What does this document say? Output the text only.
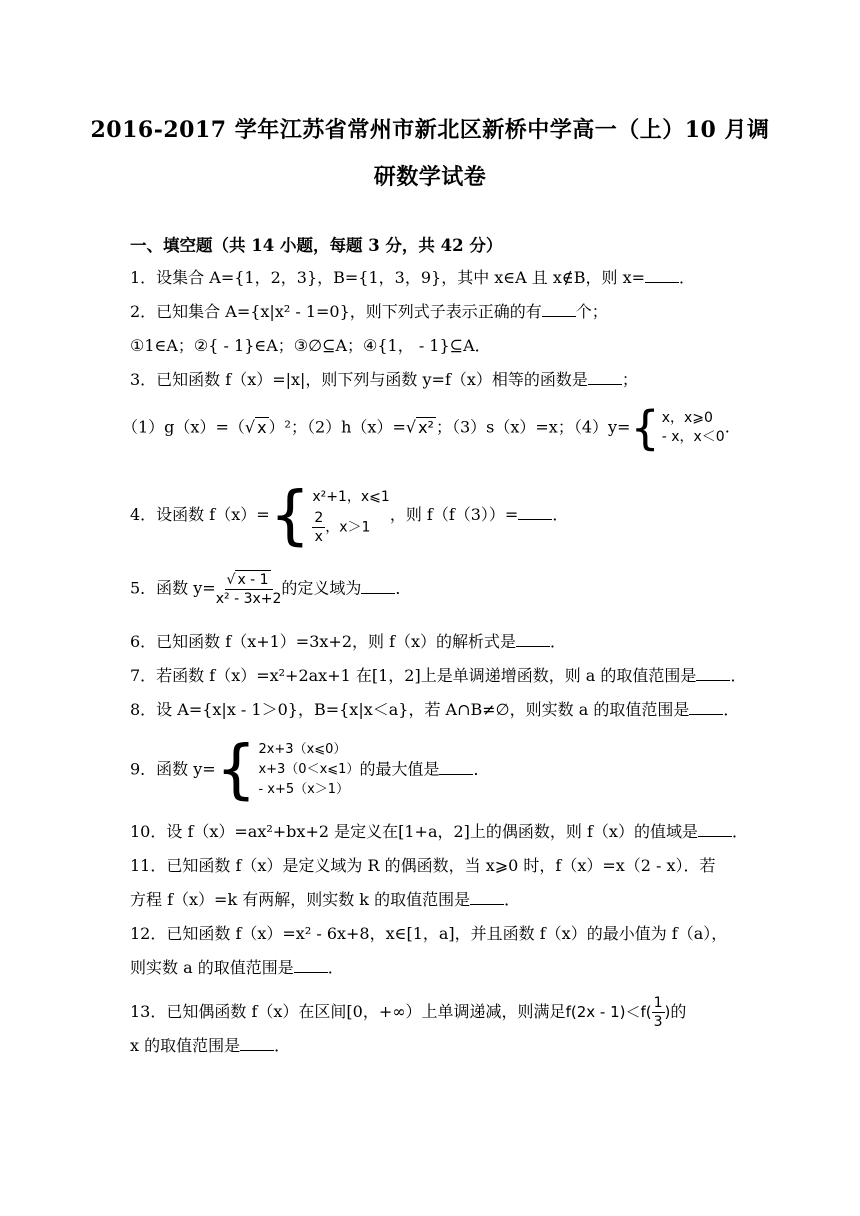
2016-2017 学年江苏省常州市新北区新桥中学高一（上）10 月调
研数学试卷
一、填空题（共 14 小题，每题 3 分，共 42 分）
1．设集合 A={1，2，3}，B={1，3，9}，其中 x∈A 且 x∉B，则 x= ．
2．已知集合 A={x|x² - 1=0}，则下列式子表示正确的有 个；
①1∈A；②{ - 1}∈A；③∅⊆A；④{1， - 1}⊆A．
3．已知函数 f（x）=|x|，则下列与函数 y=f（x）相等的函数是 ；
（1）g（x）=（√ x ）²；（2）h（x）=√ x² ；（3）s（x）=x；（4）y= { x，x⩾0
- x，x＜0
.
4．设函数 f（x）= { x²+1，x⩽1
$\frac{2}{x}$ ，x＞1
，则 f（f（3））= ．
5．函数 $y= \frac{√ x - 1}{\text{x² - 3x+2}}$ 的定义域为 ．
6．已知函数 f（x+1）=3x+2，则 f（x）的解析式是 ．
7．若函数 f（x）=x²+2ax+1 在[1，2]上是单调递增函数，则 a 的取值范围是 ．
8．设 A={x|x - 1＞0}，B={x|x＜a}，若 A∩B≠∅，则实数 a 的取值范围是 ．
9．函数 y= { 2x+3（x⩽0）
x+3（0＜x⩽1）
- x+5（x＞1）
的最大值是 ．
10．设 f（x）=ax²+bx+2 是定义在[1+a，2]上的偶函数，则 f（x）的值域是 ．
11．已知函数 f（x）是定义域为 R 的偶函数，当 x⩾0 时，f（x）=x（2 - x）．若
方程 f（x）=k 有两解，则实数 k 的取值范围是 ．
12．已知函数 f（x）=x² - 6x+8，x∈[1，a]，并且函数 f（x）的最小值为 f（a），
则实数 a 的取值范围是 ．
13．已知偶函数 f（x）在区间[0，+∞）上单调递减，则满足$f(2x - 1)<f( \frac{1}{3}$ )的
x 的取值范围是 ．
